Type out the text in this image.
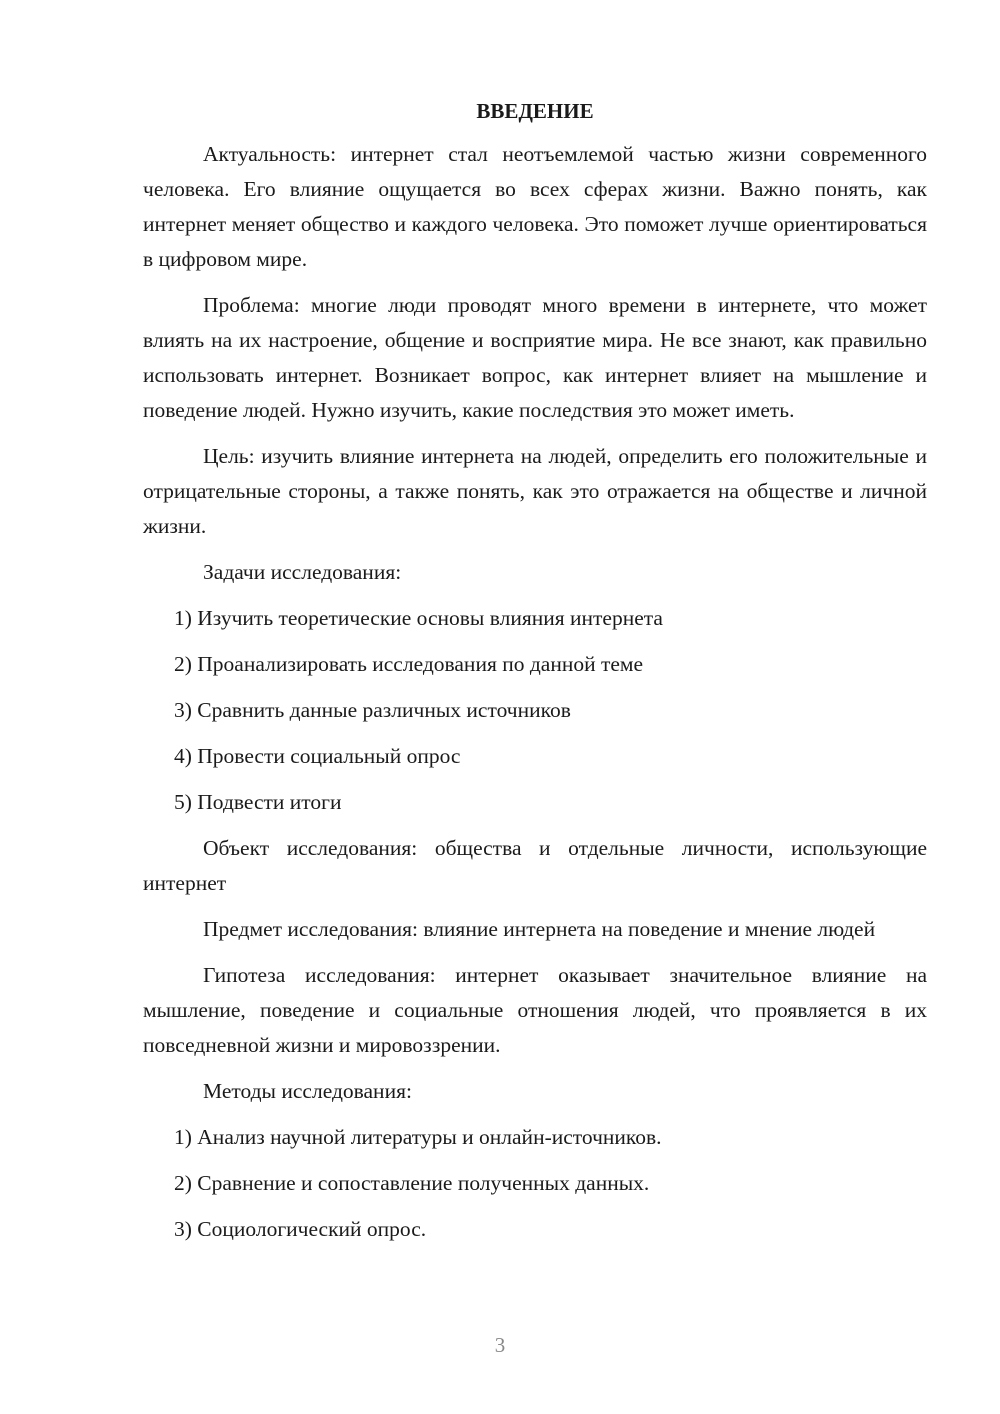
ВВЕДЕНИЕ

Актуальность: интернет стал неотъемлемой частью жизни современного человека. Его влияние ощущается во всех сферах жизни. Важно понять, как интернет меняет общество и каждого человека. Это поможет лучше ориентироваться в цифровом мире.

Проблема: многие люди проводят много времени в интернете, что может влиять на их настроение, общение и восприятие мира. Не все знают, как правильно использовать интернет. Возникает вопрос, как интернет влияет на мышление и поведение людей. Нужно изучить, какие последствия это может иметь.

Цель: изучить влияние интернета на людей, определить его положительные и отрицательные стороны, а также понять, как это отражается на обществе и личной жизни.

Задачи исследования:

1) Изучить теоретические основы влияния интернета

2) Проанализировать исследования по данной теме

3) Сравнить данные различных источников

4) Провести социальный опрос

5) Подвести итоги

Объект исследования: общества и отдельные личности, использующие интернет

Предмет исследования: влияние интернета на поведение и мнение людей

Гипотеза исследования: интернет оказывает значительное влияние на мышление, поведение и социальные отношения людей, что проявляется в их повседневной жизни и мировоззрении.

Методы исследования:

1) Анализ научной литературы и онлайн-источников.

2) Сравнение и сопоставление полученных данных.

3) Социологический опрос.

3
